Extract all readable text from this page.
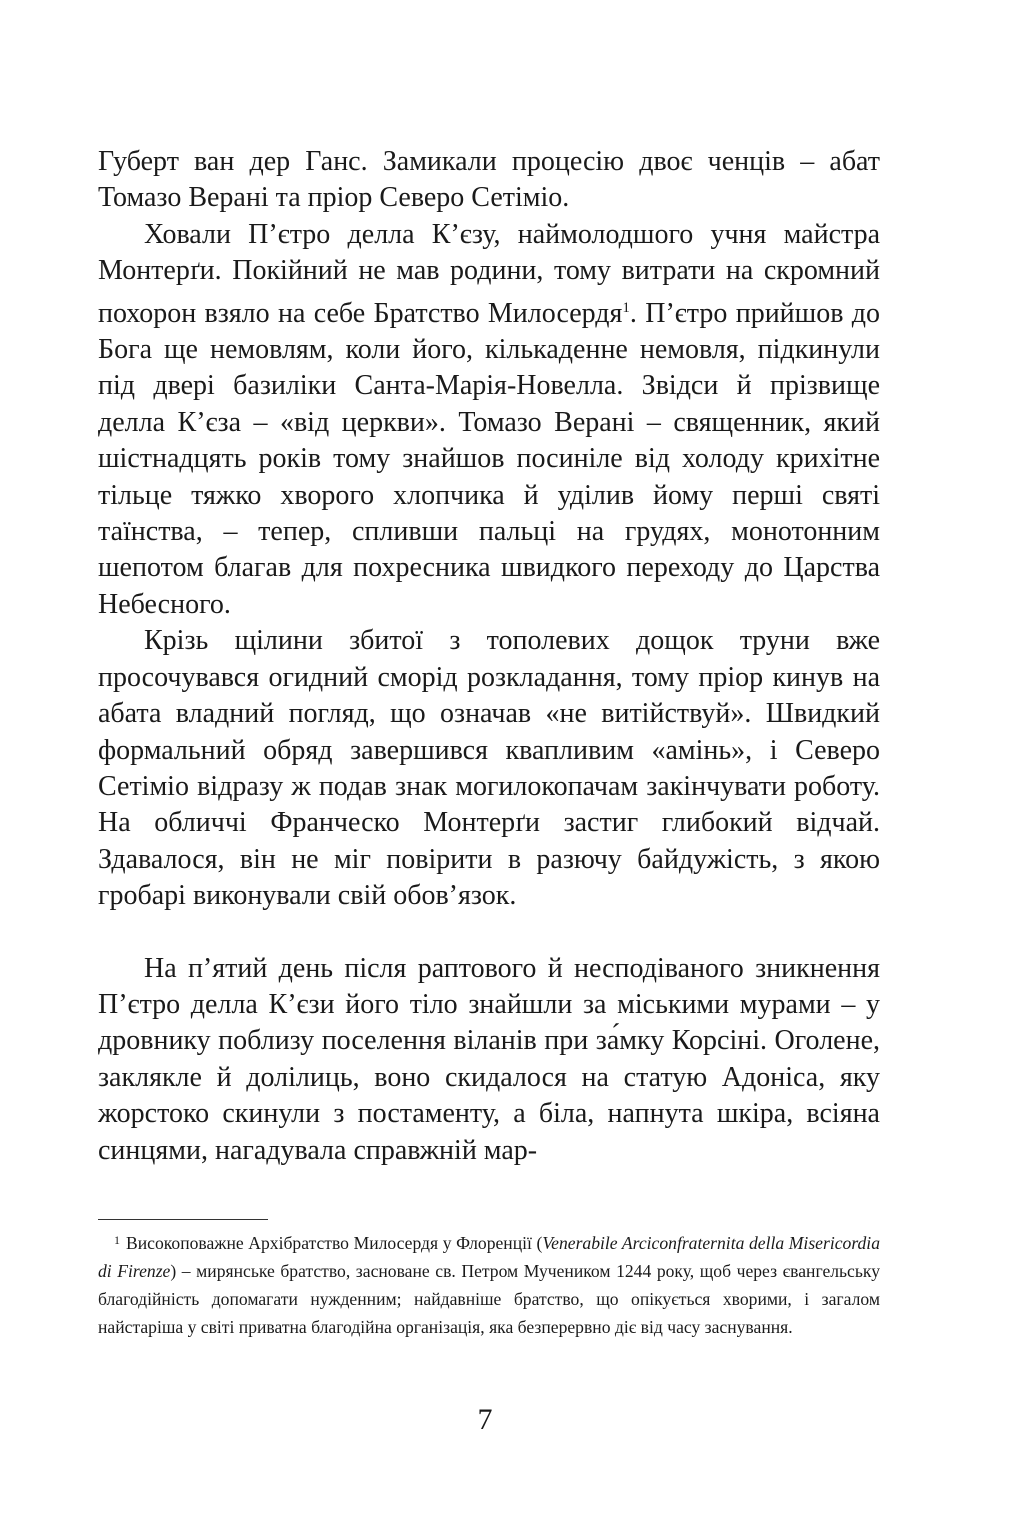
Губерт ван дер Ганс. Замикали процесію двоє ченців – абат Томазо Верані та пріор Северо Сетіміо.

Ховали П’єтро делла К’єзу, наймолодшого учня майстра Монтерґи. Покійний не мав родини, тому витрати на скромний похорон взяло на себе Братство Милосердя$^1$. П’єтро прийшов до Бога ще немовлям, коли його, кількаденне немовля, підкинули під двері базиліки Санта-Марія-Новелла. Звідси й прізвище делла К’єза – «від церкви». Томазо Верані – священник, який шістнадцять років тому знайшов посиніле від холоду крихітне тільце тяжко хворого хлопчика й уділив йому перші святі таїнства, – тепер, спливши пальці на грудях, монотонним шепотом благав для похресника швидкого переходу до Царства Небесного.

Крізь щілини збитої з тополевих дощок труни вже просочувався огидний сморід розкладання, тому пріор кинув на абата владний погляд, що означав «не витійствуй». Швидкий формальний обряд завершився квапливим «амінь», і Северо Сетіміо відразу ж подав знак могилокопачам закінчувати роботу. На обличчі Франческо Монтерґи застиг глибокий відчай. Здавалося, він не міг повірити в разючу байдужість, з якою гробарі виконували свій обов’язок.

На п’ятий день після раптового й несподіваного зникнення П’єтро делла К’єзи його тіло знайшли за міськими мурами – у дровнику поблизу поселення віланів при за́мку Корсіні. Оголене, заклякле й долілиць, воно скидалося на статую Адоніса, яку жорстоко скинули з постаменту, а біла, напнута шкіра, всіяна синцями, нагадувала справжній мар-

$^1$ Високоповажне Архібратство Милосердя у Флоренції (Venerabile Arciconfraternita della Misericordia di Firenze) – мирянське братство, засноване св. Петром Мучеником 1244 року, щоб через євангельську благодійність допомагати нужденним; найдавніше братство, що опікується хворими, і загалом найстаріша у світі приватна благодійна організація, яка безперервно діє від часу заснування.

7
